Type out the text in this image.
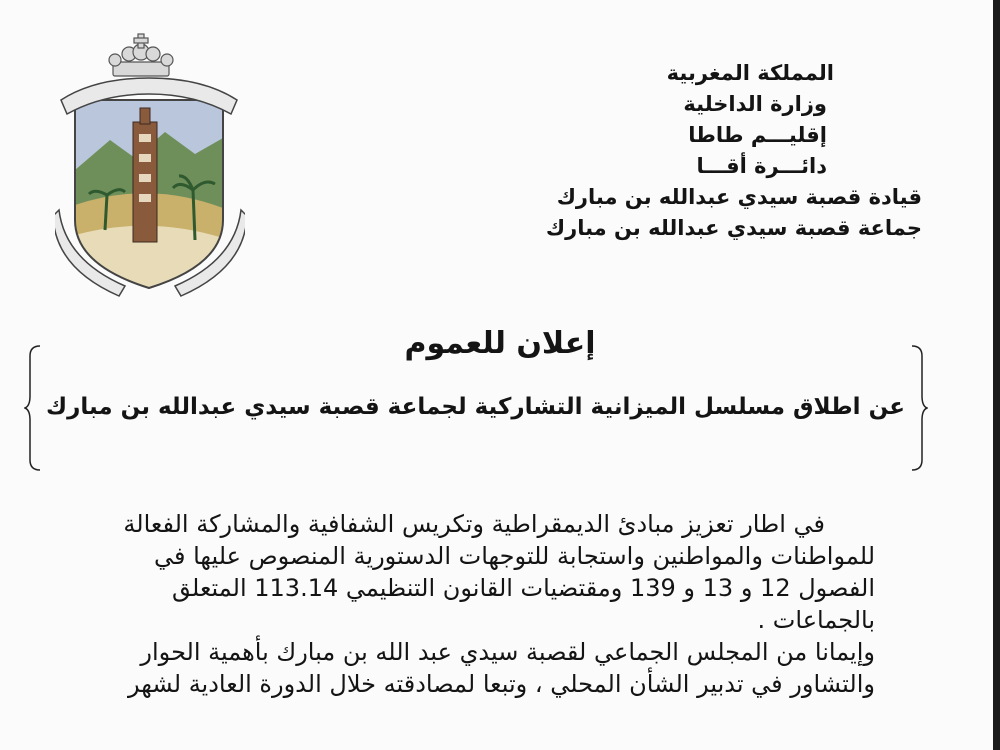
المملكة المغربية
وزارة الداخلية
إقليـــم طاطا
دائـــرة أقـــا
قيادة قصبة سيدي عبدالله بن مبارك
جماعة قصبة سيدي عبدالله بن مبارك
إعلان للعموم
عن اطلاق مسلسل الميزانية التشاركية لجماعة قصبة سيدي عبدالله بن مبارك
في اطار تعزيز مبادئ الديمقراطية وتكريس الشفافية والمشاركة الفعالة
للمواطنات والمواطنين واستجابة للتوجهات الدستورية المنصوص عليها في
الفصول 12 و 13 و 139 ومقتضيات القانون التنظيمي 113.14 المتعلق
بالجماعات .
وإيمانا من المجلس الجماعي لقصبة سيدي عبد الله بن مبارك بأهمية الحوار
والتشاور في تدبير الشأن المحلي ، وتبعا لمصادقته خلال الدورة العادية لشهر
